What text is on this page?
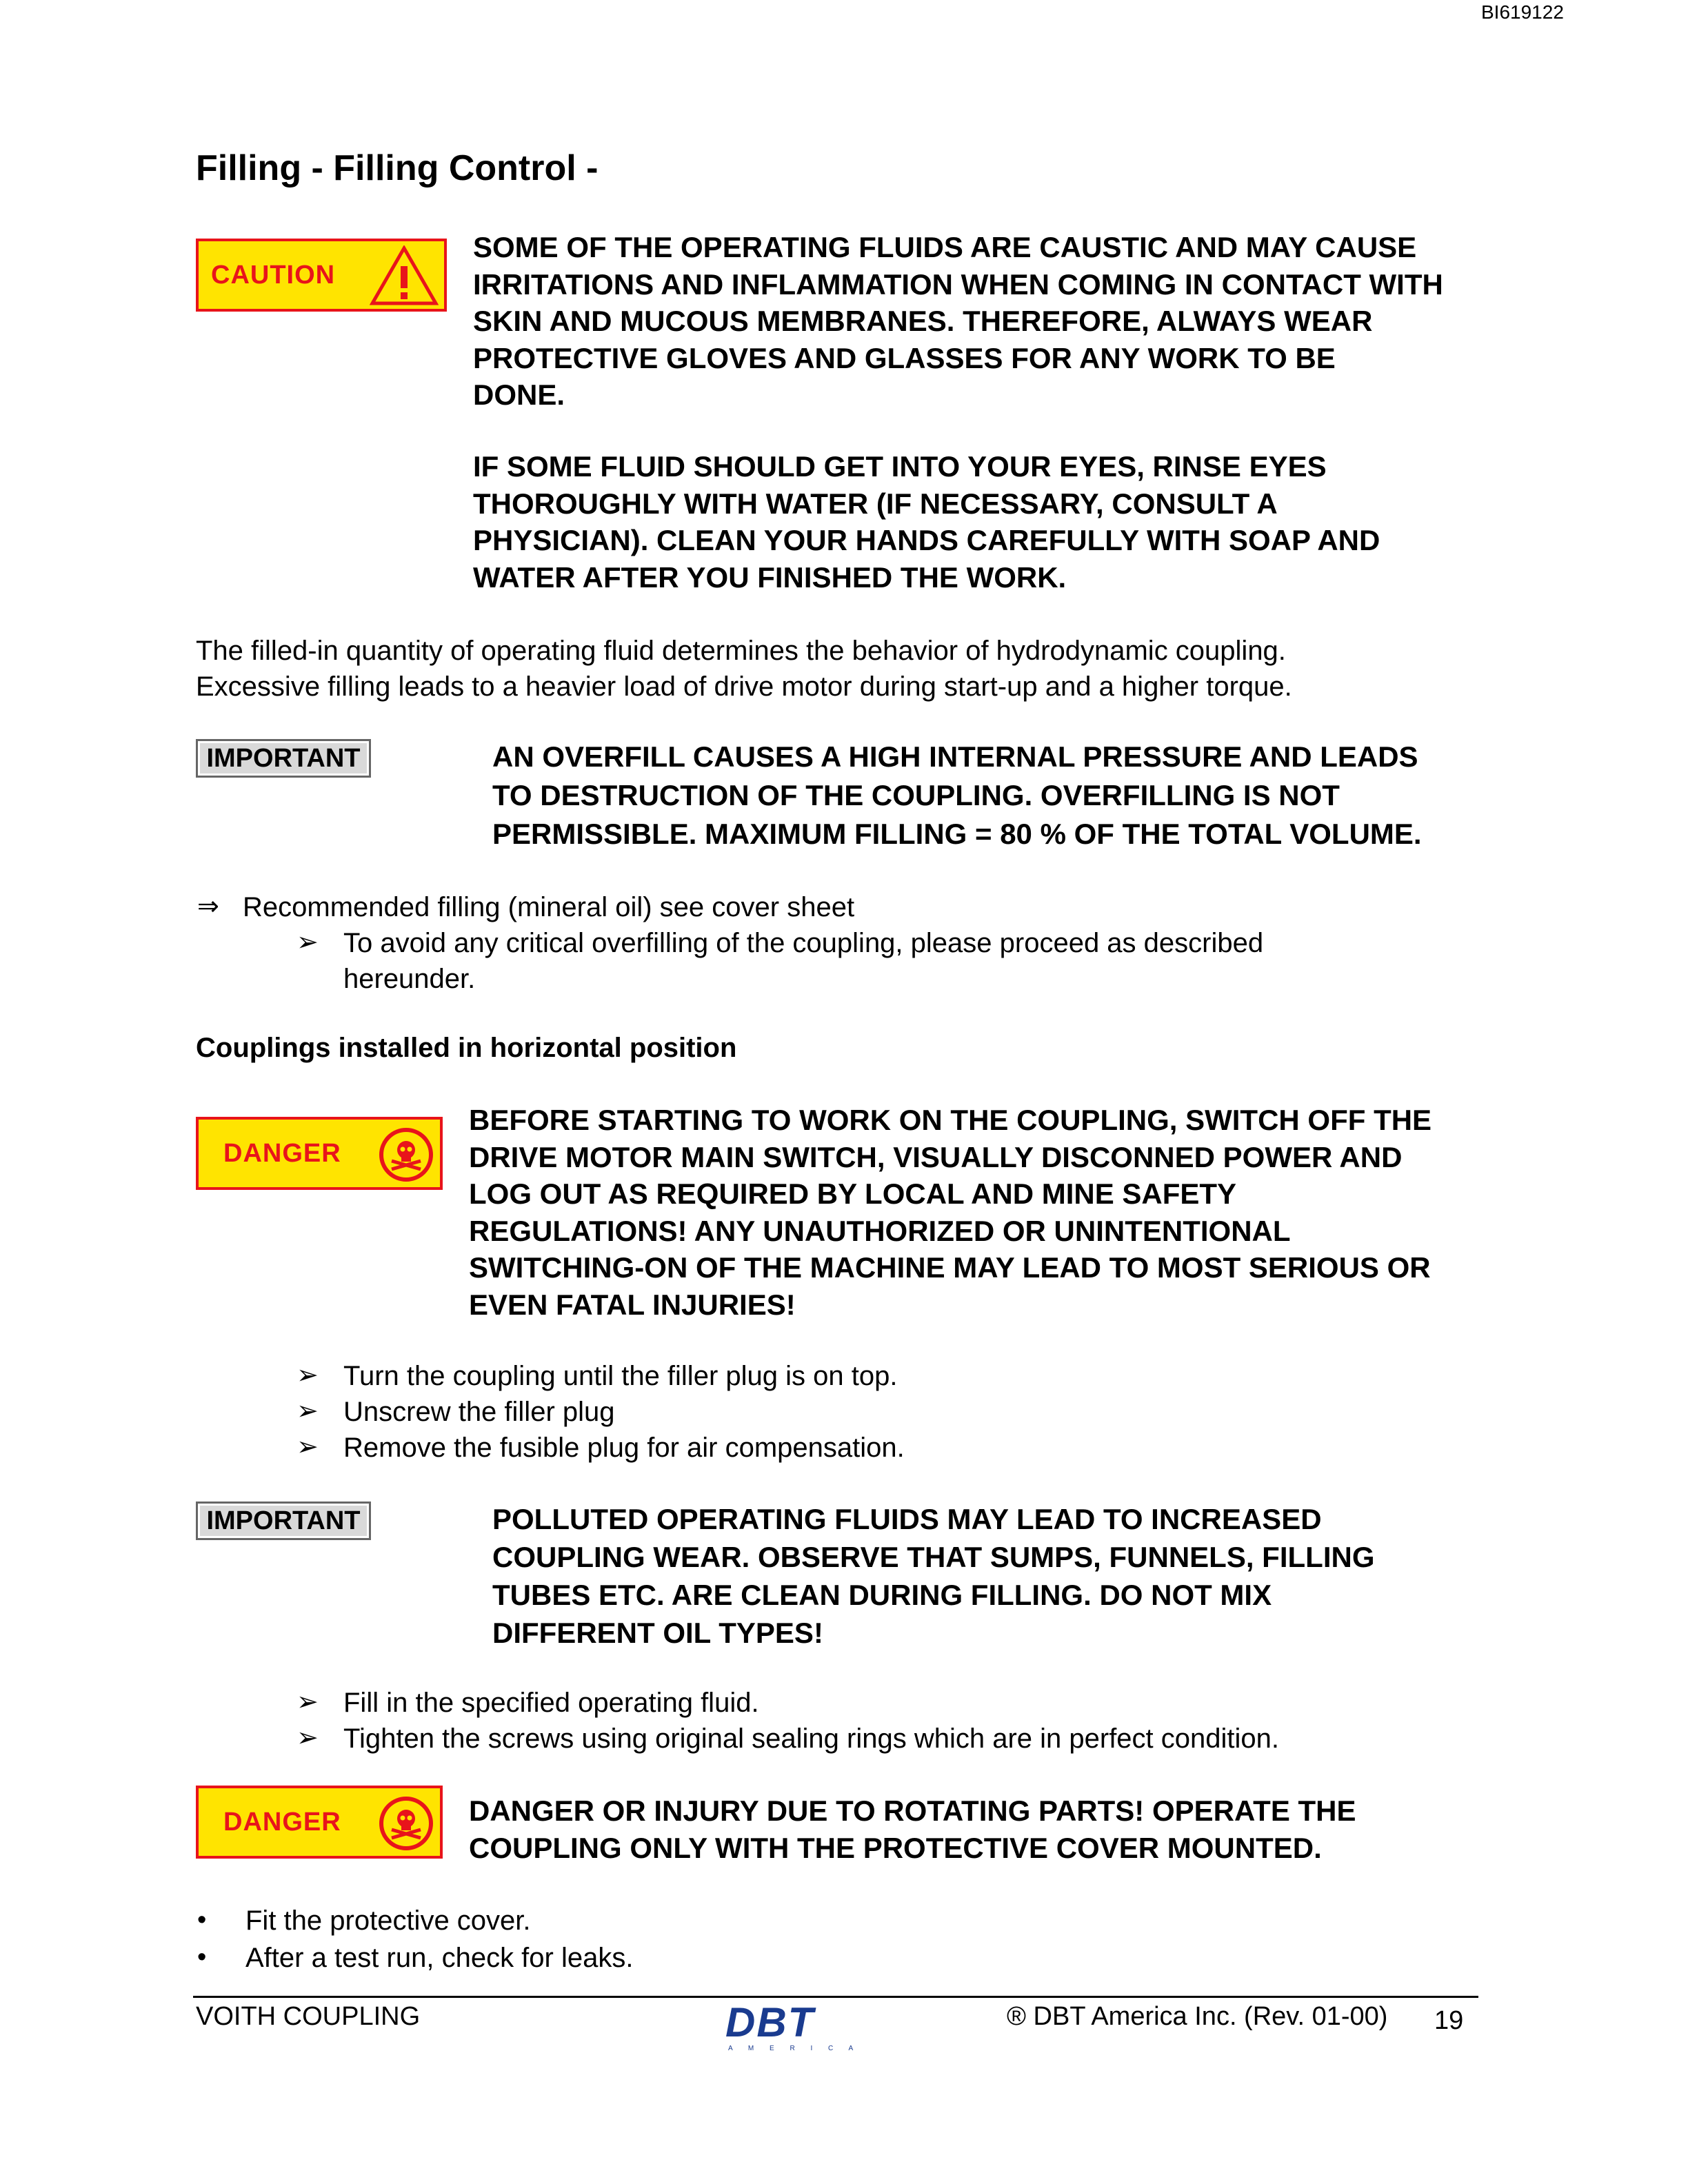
BI619122
Filling - Filling Control -
CAUTION
SOME OF THE OPERATING FLUIDS ARE CAUSTIC AND MAY CAUSE
IRRITATIONS AND INFLAMMATION WHEN COMING IN CONTACT WITH
SKIN AND MUCOUS MEMBRANES. THEREFORE, ALWAYS WEAR
PROTECTIVE GLOVES AND GLASSES FOR ANY WORK TO BE
DONE.
IF SOME FLUID SHOULD GET INTO YOUR EYES, RINSE EYES
THOROUGHLY WITH WATER (IF NECESSARY, CONSULT A
PHYSICIAN). CLEAN YOUR HANDS CAREFULLY WITH SOAP AND
WATER AFTER YOU FINISHED THE WORK.
The filled-in quantity of operating fluid determines the behavior of hydrodynamic coupling.
Excessive filling leads to a heavier load of drive motor during start-up and a higher torque.
IMPORTANT	AN OVERFILL CAUSES A HIGH INTERNAL PRESSURE AND LEADS
TO DESTRUCTION OF THE COUPLING. OVERFILLING IS NOT
PERMISSIBLE. MAXIMUM FILLING = 80 % OF THE TOTAL VOLUME.
⇒ Recommended filling (mineral oil) see cover sheet
➢ To avoid any critical overfilling of the coupling, please proceed as described
hereunder.
Couplings installed in horizontal position
DANGER
BEFORE STARTING TO WORK ON THE COUPLING, SWITCH OFF THE
DRIVE MOTOR MAIN SWITCH, VISUALLY DISCONNED POWER AND
LOG OUT AS REQUIRED BY LOCAL AND MINE SAFETY
REGULATIONS! ANY UNAUTHORIZED OR UNINTENTIONAL
SWITCHING-ON OF THE MACHINE MAY LEAD TO MOST SERIOUS OR
EVEN FATAL INJURIES!
➢ Turn the coupling until the filler plug is on top.
➢ Unscrew the filler plug
➢ Remove the fusible plug for air compensation.
IMPORTANT	POLLUTED OPERATING FLUIDS MAY LEAD TO INCREASED
COUPLING WEAR. OBSERVE THAT SUMPS, FUNNELS, FILLING
TUBES ETC. ARE CLEAN DURING FILLING. DO NOT MIX
DIFFERENT OIL TYPES!
➢ Fill in the specified operating fluid.
➢ Tighten the screws using original sealing rings which are in perfect condition.
DANGER	DANGER OR INJURY DUE TO ROTATING PARTS! OPERATE THE
COUPLING ONLY WITH THE PROTECTIVE COVER MOUNTED.
• Fit the protective cover.
• After a test run, check for leaks.
VOITH COUPLING	DBT
A M E R I C A
® DBT America Inc. (Rev. 01-00) 19
